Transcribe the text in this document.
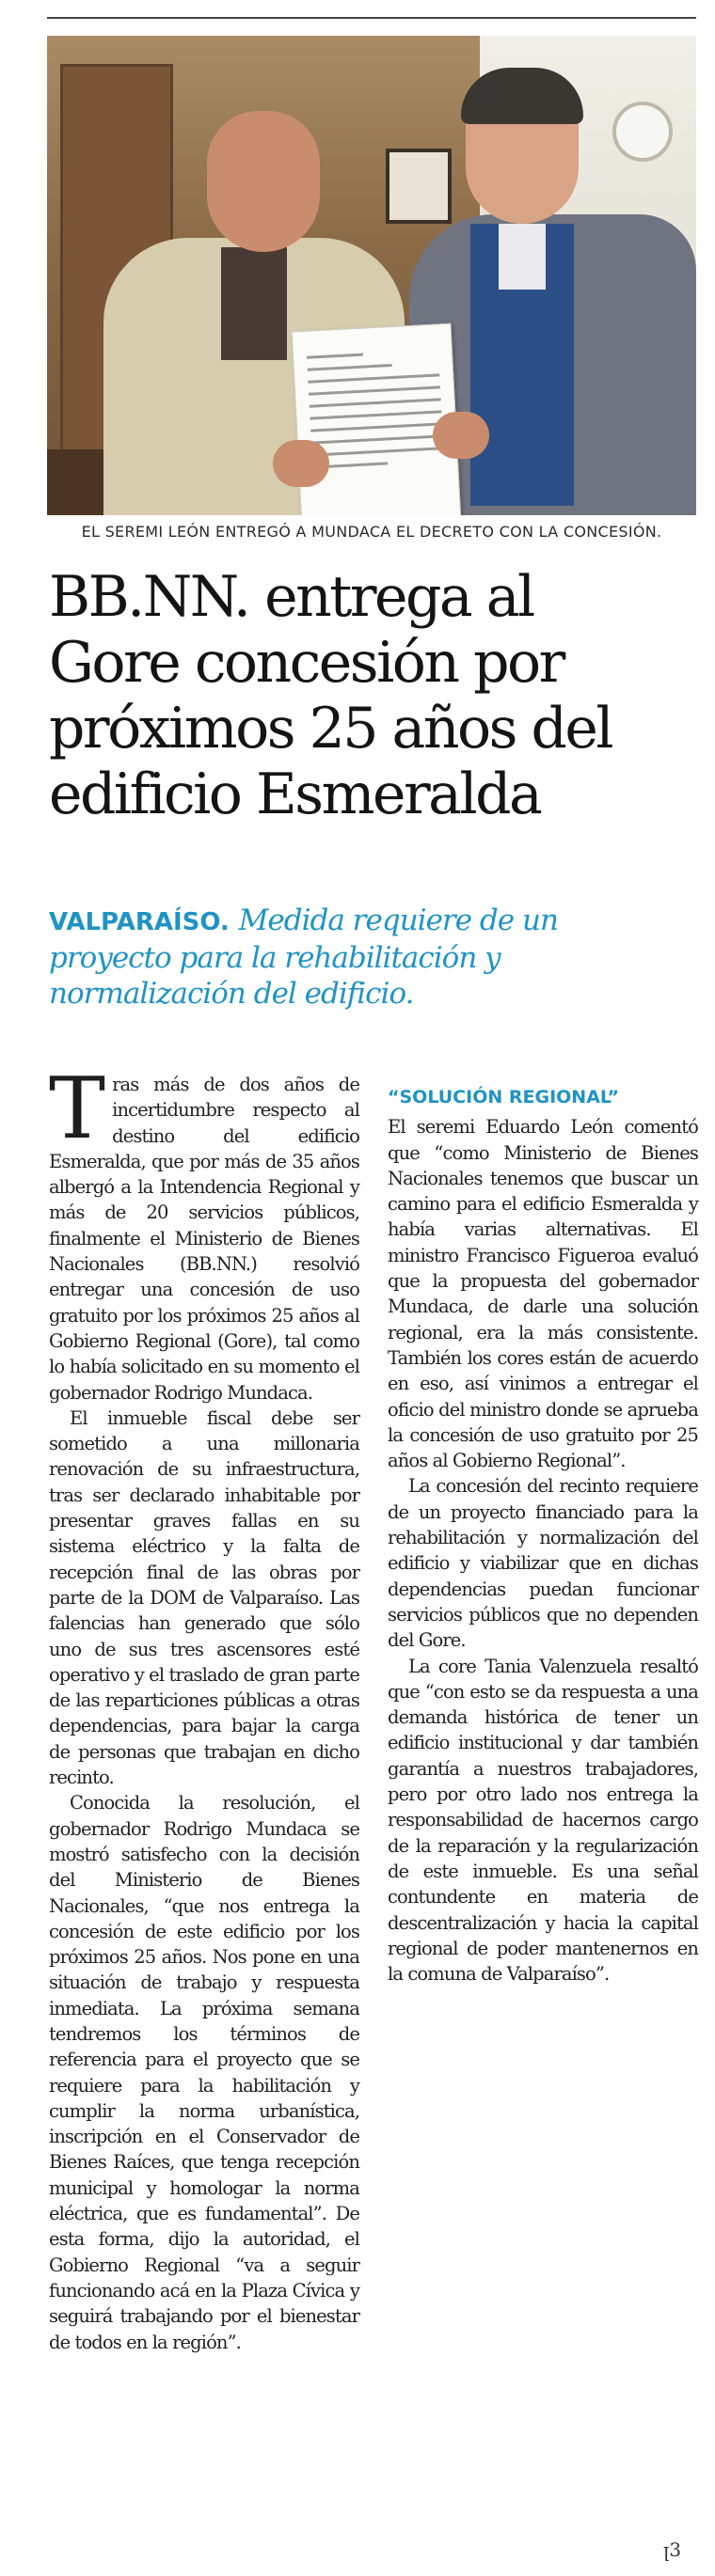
EL SEREMI LEÓN ENTREGÓ A MUNDACA EL DECRETO CON LA CONCESIÓN.
BB.NN. entrega al
Gore concesión por
próximos 25 años del
edificio Esmeralda
VALPARAÍSO. Medida requiere de un
proyecto para la rehabilitación y
normalización del edificio.

Tras más de dos años de incertidumbre respecto al destino del edificio Esmeralda, que por más de 35 años albergó a la Intendencia Regional y más de 20 servicios públicos, finalmente el Ministerio de Bienes Nacionales (BB.NN.) resolvió entregar una concesión de uso gratuito por los próximos 25 años al Gobierno Regional (Gore), tal como lo había solicitado en su momento el gobernador Rodrigo Mundaca.

El inmueble fiscal debe ser sometido a una millonaria renovación de su infraestructura, tras ser declarado inhabitable por presentar graves fallas en su sistema eléctrico y la falta de recepción final de las obras por parte de la DOM de Valparaíso. Las falencias han generado que sólo uno de sus tres ascensores esté operativo y el traslado de gran parte de las reparticiones públicas a otras dependencias, para bajar la carga de personas que trabajan en dicho recinto.

Conocida la resolución, el gobernador Rodrigo Mundaca se mostró satisfecho con la decisión del Ministerio de Bienes Nacionales, “que nos entrega la concesión de este edificio por los próximos 25 años. Nos pone en una situación de trabajo y respuesta inmediata. La próxima semana tendremos los términos de referencia para el proyecto que se requiere para la habilitación y cumplir la norma urbanística, inscripción en el Conservador de Bienes Raíces, que tenga recepción municipal y homologar la norma eléctrica, que es fundamental”. De esta forma, dijo la autoridad, el Gobierno Regional “va a seguir funcionando acá en la Plaza Cívica y seguirá trabajando por el bienestar de todos en la región”.

“SOLUCIÓN REGIONAL”

El seremi Eduardo León comentó que “como Ministerio de Bienes Nacionales tenemos que buscar un camino para el edificio Esmeralda y había varias alternativas. El ministro Francisco Figueroa evaluó que la propuesta del gobernador Mundaca, de darle una solución regional, era la más consistente. También los cores están de acuerdo en eso, así vinimos a entregar el oficio del ministro donde se aprueba la concesión de uso gratuito por 25 años al Gobierno Regional”.

La concesión del recinto requiere de un proyecto financiado para la rehabilitación y normalización del edificio y viabilizar que en dichas dependencias puedan funcionar servicios públicos que no dependen del Gore.

La core Tania Valenzuela resaltó que “con esto se da respuesta a una demanda histórica de tener un edificio institucional y dar también garantía a nuestros trabajadores, pero por otro lado nos entrega la responsabilidad de hacernos cargo de la reparación y la regularización de este inmueble. Es una señal contundente en materia de descentralización y hacia la capital regional de poder mantenernos en la comuna de Valparaíso”.

ꞁ3
